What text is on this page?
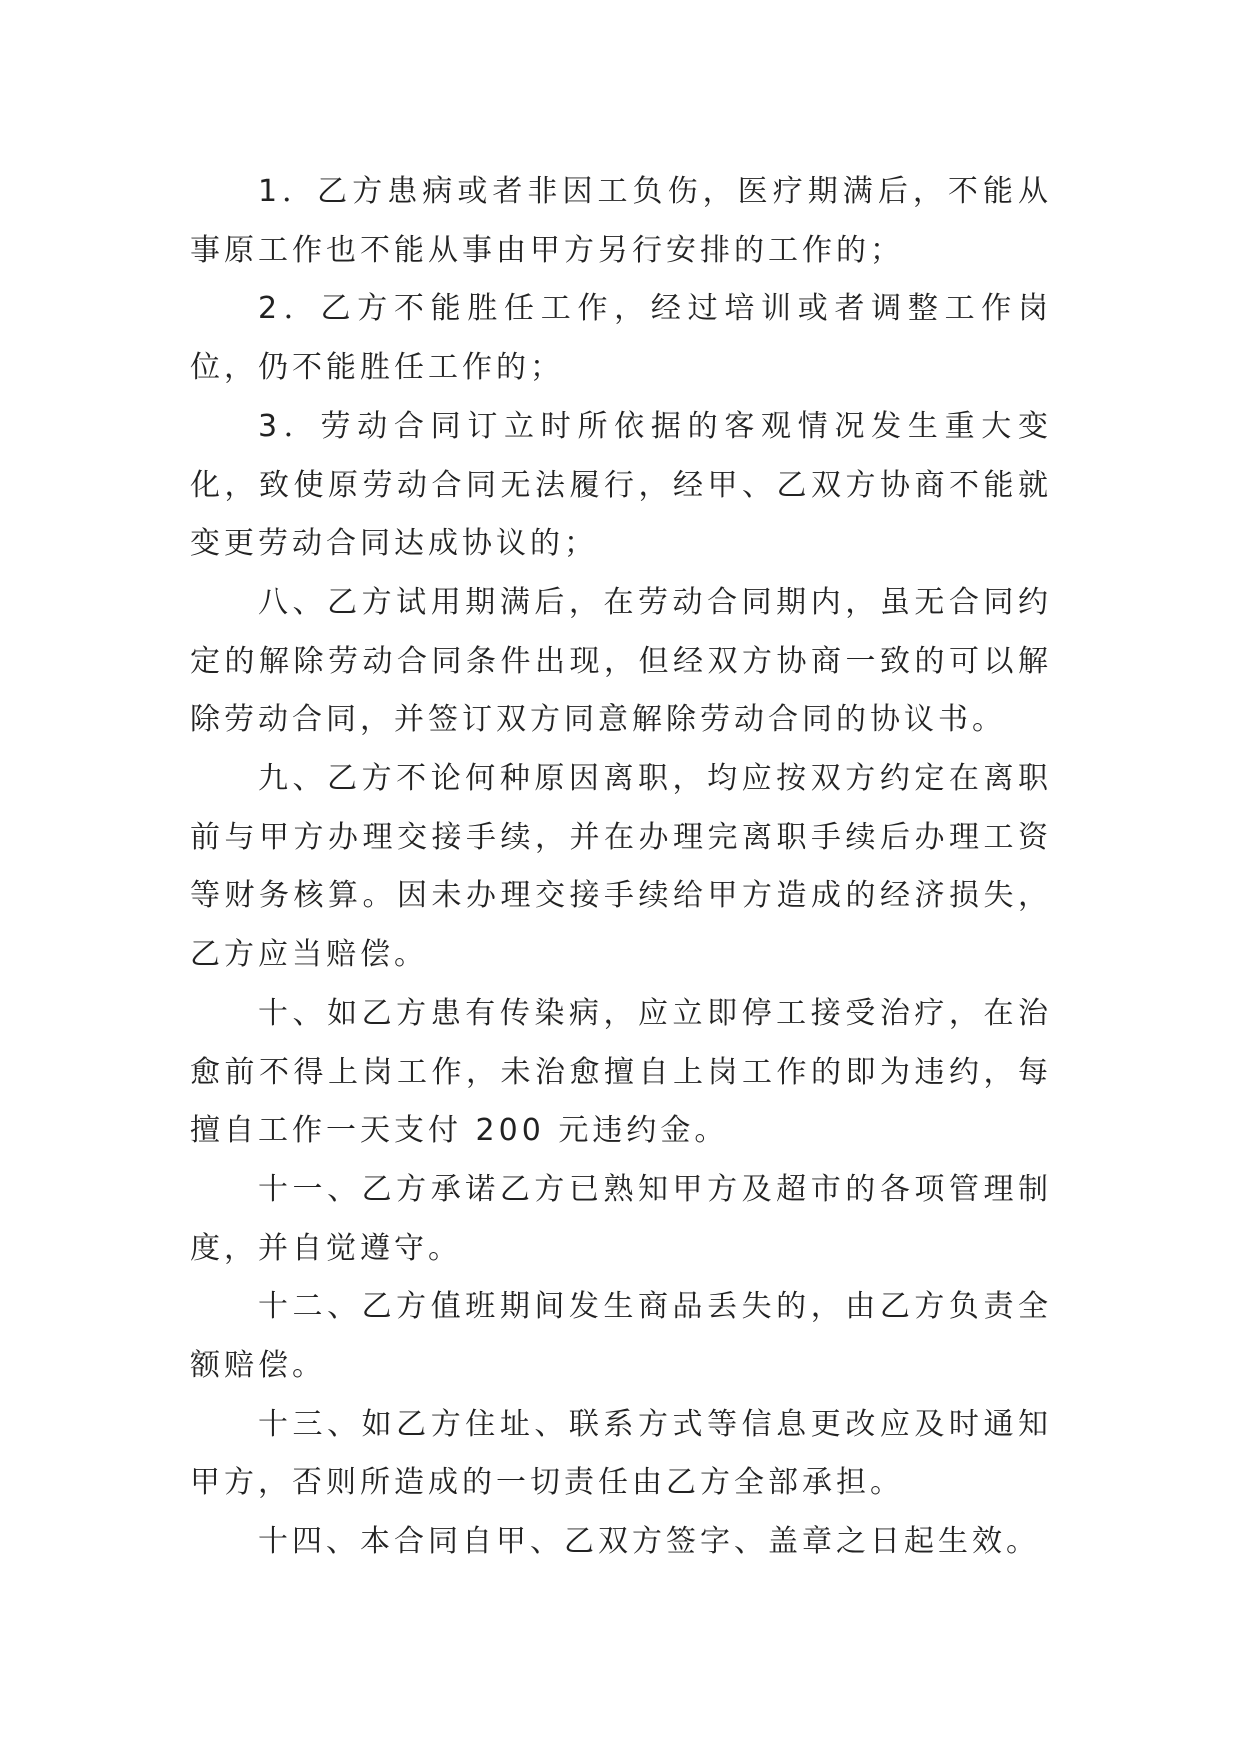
1．乙方患病或者非因工负伤，医疗期满后，不能从事原工作也不能从事由甲方另行安排的工作的；

2．乙方不能胜任工作，经过培训或者调整工作岗位，仍不能胜任工作的；

3．劳动合同订立时所依据的客观情况发生重大变化，致使原劳动合同无法履行，经甲、乙双方协商不能就变更劳动合同达成协议的；

八、乙方试用期满后，在劳动合同期内，虽无合同约定的解除劳动合同条件出现，但经双方协商一致的可以解除劳动合同，并签订双方同意解除劳动合同的协议书。

九、乙方不论何种原因离职，均应按双方约定在离职前与甲方办理交接手续，并在办理完离职手续后办理工资等财务核算。因未办理交接手续给甲方造成的经济损失，乙方应当赔偿。

十、如乙方患有传染病，应立即停工接受治疗，在治愈前不得上岗工作，未治愈擅自上岗工作的即为违约，每擅自工作一天支付 200 元违约金。

十一、乙方承诺乙方已熟知甲方及超市的各项管理制度，并自觉遵守。

十二、乙方值班期间发生商品丢失的，由乙方负责全额赔偿。

十三、如乙方住址、联系方式等信息更改应及时通知甲方，否则所造成的一切责任由乙方全部承担。

十四、本合同自甲、乙双方签字、盖章之日起生效。
